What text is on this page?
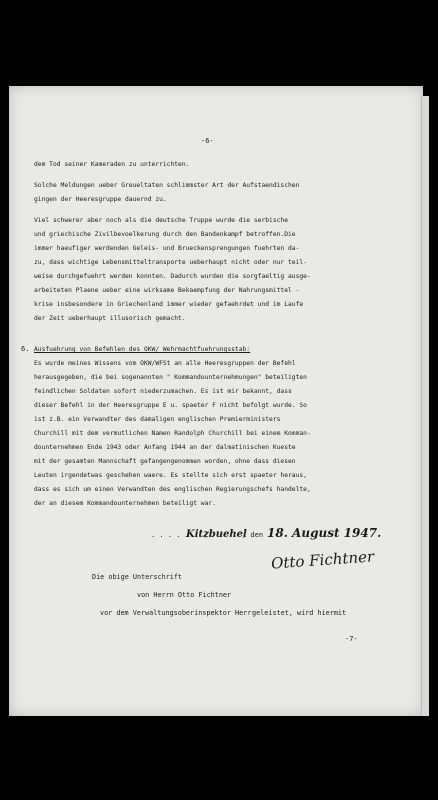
-6-
dem Tod seiner Kameraden zu unterrichten.
Solche Meldungen ueber Greueltaten schlimmster Art der Aufstaendischen
gingen der Heeresgruppe dauernd zu.
Viel schwerer aber noch als die deutsche Truppe wurde die serbische
und griechische Zivilbevoelkerung durch den Bandenkampf betroffen.Die
immer haeufiger werdenden Geleis- und Brueckensprengungen fuehrten da-
zu, dass wichtige Lebensmitteltransporte ueberhaupt nicht oder nur teil-
weise durchgefuehrt werden konnten. Dadurch wurden die sorgfaeltig ausge-
arbeiteten Plaene ueber eine wirksame Bekaempfung der Nahrungsmittel -
krise insbesondere in Griechenland immer wieder gefaehrdet und im Laufe
der Zeit ueberhaupt illusorisch gemacht.
6. Ausfuehrung von Befehlen des OKW/ Wehrmachtfuehrungsstab:
Es wurde meines Wissens vom OKW/WFSt an alle Heeresgruppen der Befehl
herausgegeben, die bei sogenannten " Kommandounternehmungen" beteiligten
feindlichen Soldaten sofort niederzumachen. Es ist mir bekannt, dass
dieser Befehl in der Heeresgruppe E u. spaeter F nicht befolgt wurde. So
ist z.B. ein Verwandter des damaligen englischen Premierministers
Churchill mit dem vermutlichen Namen Randolph Churchill bei einem Komman-
dounternehmen Ende 1943 oder Anfang 1944 an der dalmatinischen Kueste
mit der gesamten Mannschaft gefangengenommen worden, ohne dass diesen
Leuten irgendetwas geschehen waere. Es stellte sich erst spaeter heraus,
dass es sich um einen Verwandten des englischen Regierungschefs handelte,
der an diesem Kommandounternehmen beteiligt war.
. . . . .
Kitzbuehel
, den 18. August 1947.
Otto Fichtner
Die obige Unterschrift
von Herrn Otto Fichtner
vor dem Verwaltungsoberinspektor Herr geleistet, wird hiermit
-7-
